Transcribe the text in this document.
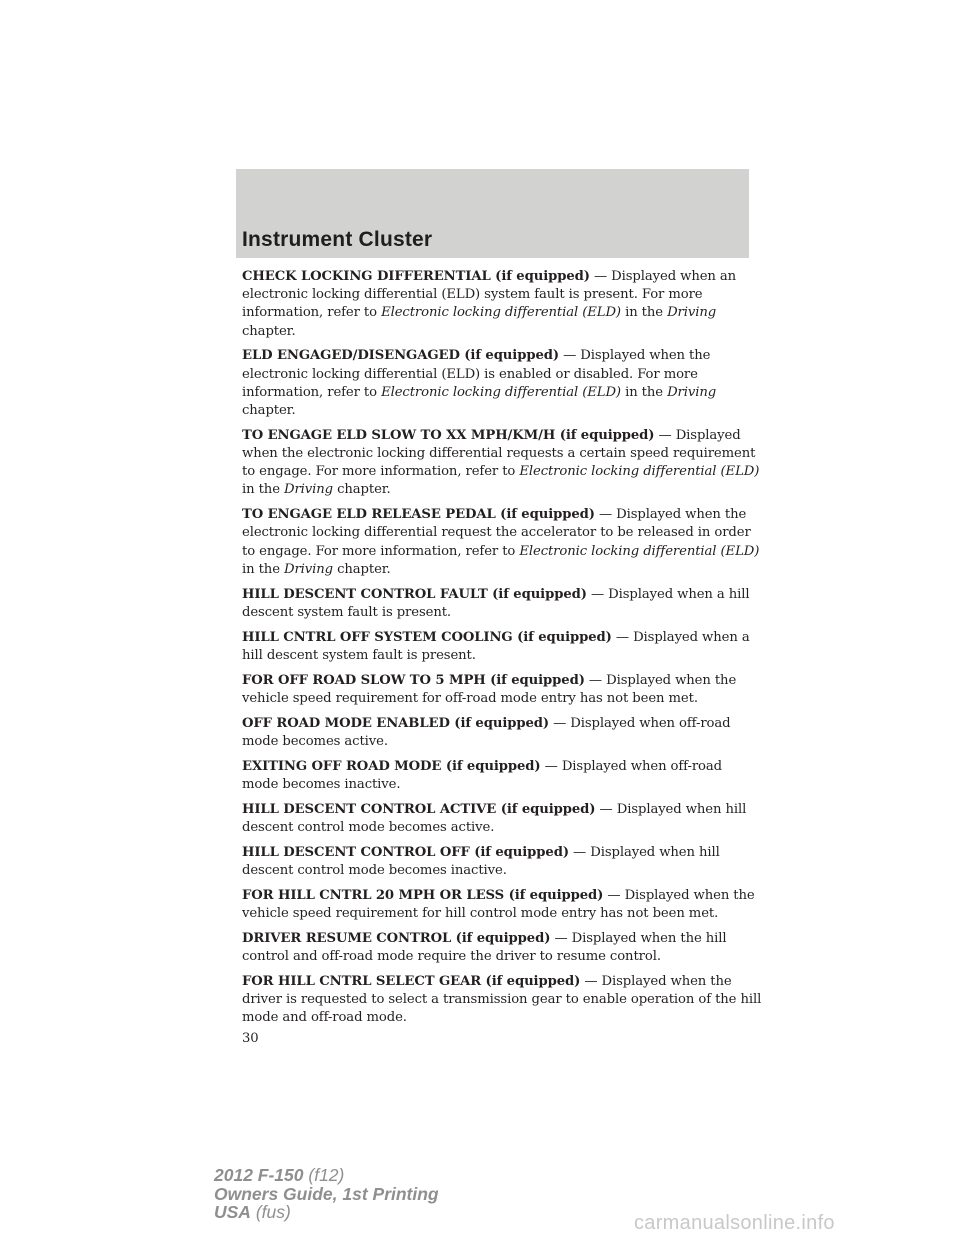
Instrument Cluster

CHECK LOCKING DIFFERENTIAL (if equipped) — Displayed when an electronic locking differential (ELD) system fault is present. For more information, refer to Electronic locking differential (ELD) in the Driving chapter.

ELD ENGAGED/DISENGAGED (if equipped) — Displayed when the electronic locking differential (ELD) is enabled or disabled. For more information, refer to Electronic locking differential (ELD) in the Driving chapter.

TO ENGAGE ELD SLOW TO XX MPH/KM/H (if equipped) — Displayed when the electronic locking differential requests a certain speed requirement to engage. For more information, refer to Electronic locking differential (ELD) in the Driving chapter.

TO ENGAGE ELD RELEASE PEDAL (if equipped) — Displayed when the electronic locking differential request the accelerator to be released in order to engage. For more information, refer to Electronic locking differential (ELD) in the Driving chapter.

HILL DESCENT CONTROL FAULT (if equipped) — Displayed when a hill descent system fault is present.

HILL CNTRL OFF SYSTEM COOLING (if equipped) — Displayed when a hill descent system fault is present.

FOR OFF ROAD SLOW TO 5 MPH (if equipped) — Displayed when the vehicle speed requirement for off-road mode entry has not been met.

OFF ROAD MODE ENABLED (if equipped) — Displayed when off-road mode becomes active.

EXITING OFF ROAD MODE (if equipped) — Displayed when off-road mode becomes inactive.

HILL DESCENT CONTROL ACTIVE (if equipped) — Displayed when hill descent control mode becomes active.

HILL DESCENT CONTROL OFF (if equipped) — Displayed when hill descent control mode becomes inactive.

FOR HILL CNTRL 20 MPH OR LESS (if equipped) — Displayed when the vehicle speed requirement for hill control mode entry has not been met.

DRIVER RESUME CONTROL (if equipped) — Displayed when the hill control and off-road mode require the driver to resume control.

FOR HILL CNTRL SELECT GEAR (if equipped) — Displayed when the driver is requested to select a transmission gear to enable operation of the hill mode and off-road mode.

30
2012 F-150 (f12)
Owners Guide, 1st Printing
USA (fus)	carmanualsonline.info
